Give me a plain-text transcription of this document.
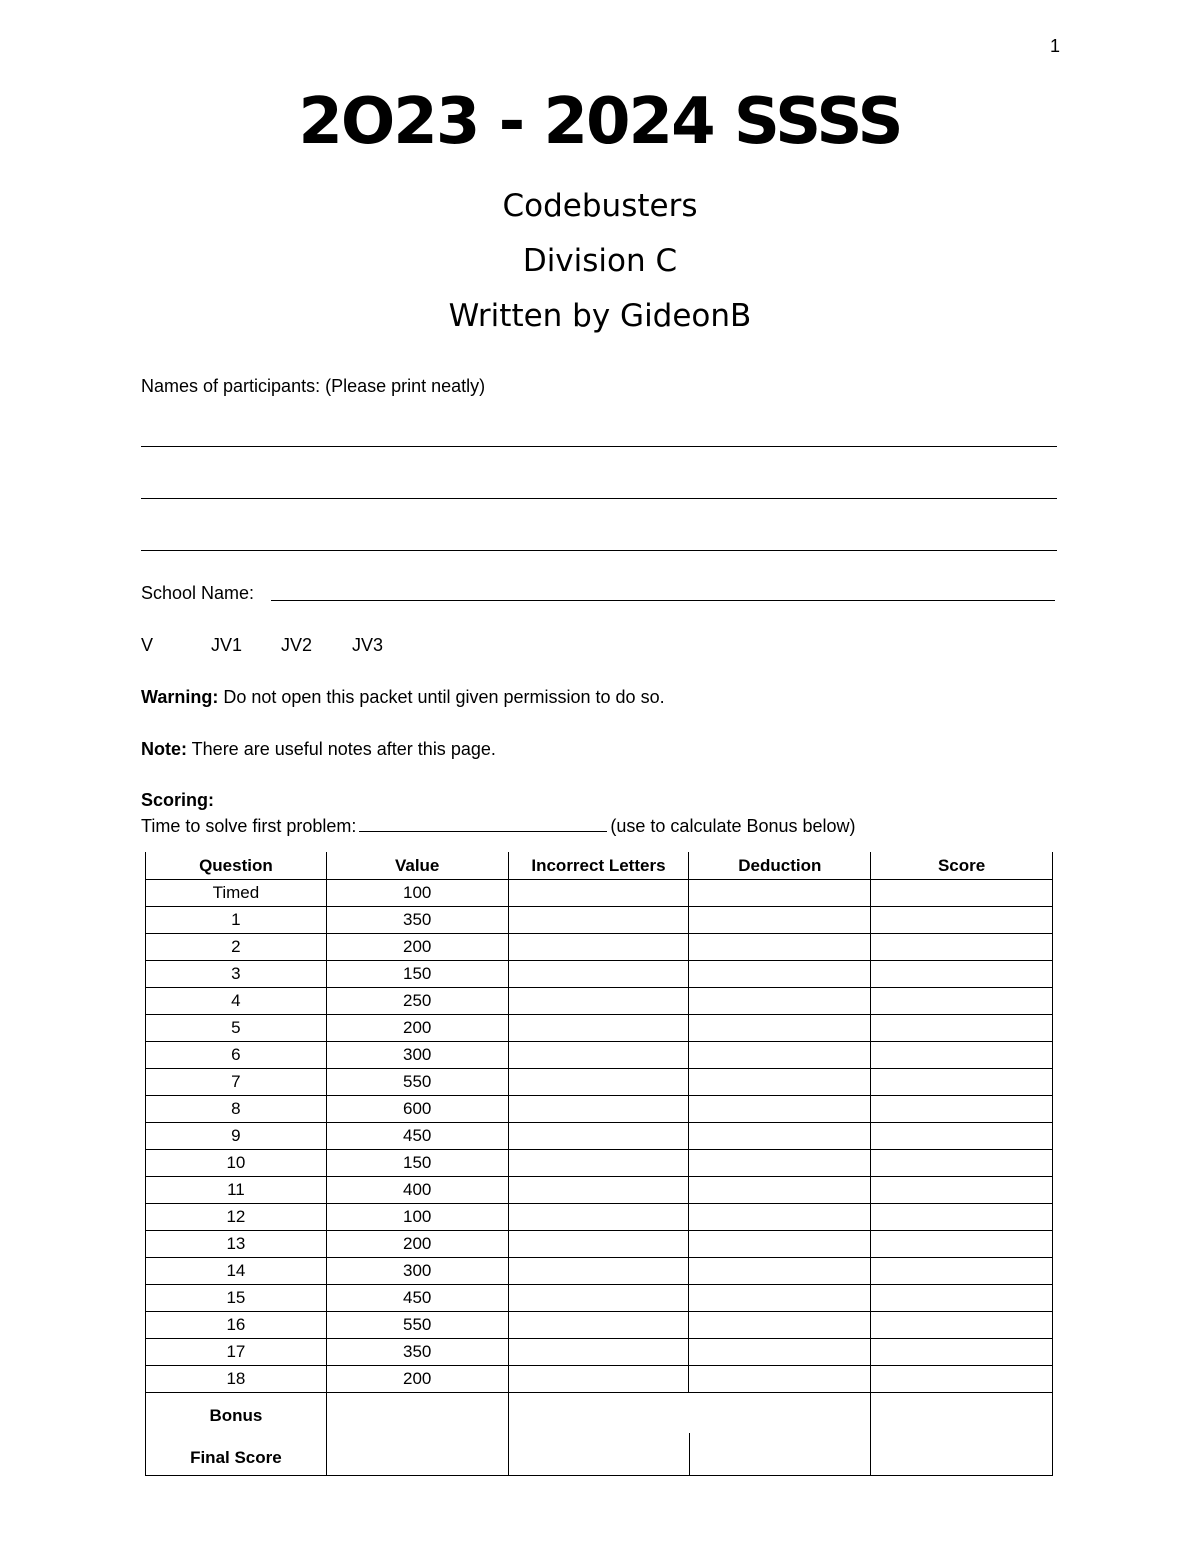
1
2O23 - 2024 SSSS
Codebusters
Division C
Written by GideonB
Names of participants: (Please print neatly)
School Name:
V	JV1 JV2 JV3
Warning: Do not open this packet until given permission to do so.
Note: There are useful notes after this page.
Scoring:
Time to solve first problem:	(use to calculate Bonus below)
Question	Value	Incorrect Letters	Deduction	Score
Timed	100			
1	350			
2	200			
3	150			
4	250			
5	200			
6	300			
7	550			
8	600			
9	450			
10	150			
11	400			
12	100			
13	200			
14	300			
15	450			
16	550			
17	350			
18	200			

Bonus
Final Score				
